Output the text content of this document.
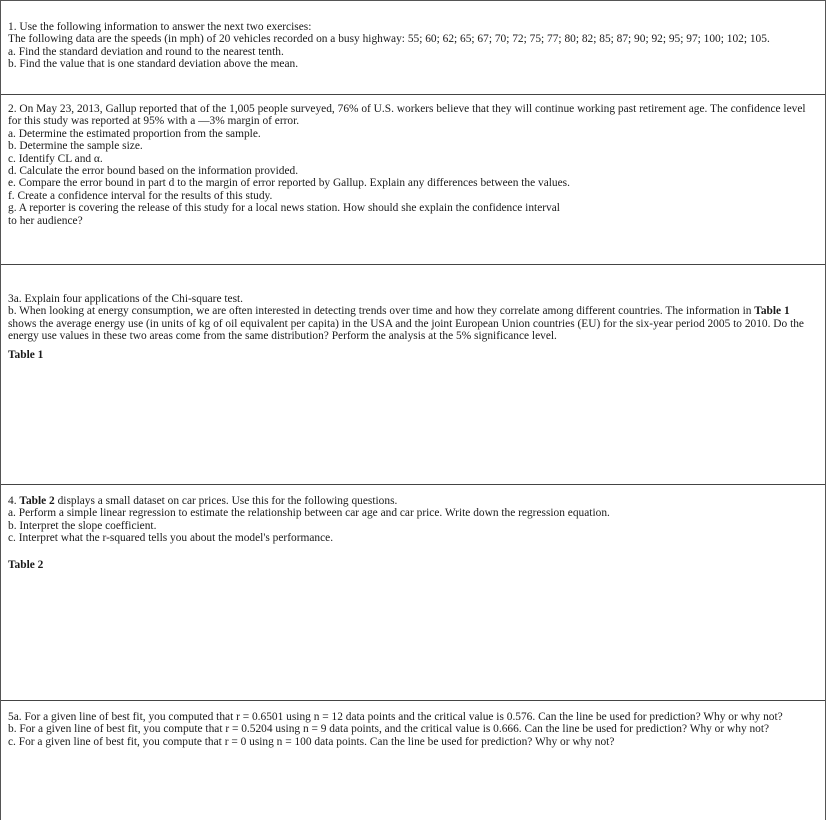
1. Use the following information to answer the next two exercises:
The following data are the speeds (in mph) of 20 vehicles recorded on a busy highway: 55; 60; 62; 65; 67; 70; 72; 75; 77; 80; 82; 85; 87; 90; 92; 95; 97; 100; 102; 105.
a. Find the standard deviation and round to the nearest tenth.
b. Find the value that is one standard deviation above the mean.
2. On May 23, 2013, Gallup reported that of the 1,005 people surveyed, 76% of U.S. workers believe that they will continue working past retirement age. The confidence level for this study was reported at 95% with a —3% margin of error.
a. Determine the estimated proportion from the sample.
b. Determine the sample size.
c. Identify CL and α.
d. Calculate the error bound based on the information provided.
e. Compare the error bound in part d to the margin of error reported by Gallup. Explain any differences between the values.
f. Create a confidence interval for the results of this study.
g. A reporter is covering the release of this study for a local news station. How should she explain the confidence interval to her audience?
3a. Explain four applications of the Chi-square test.
b. When looking at energy consumption, we are often interested in detecting trends over time and how they correlate among different countries. The information in Table 1 shows the average energy use (in units of kg of oil equivalent per capita) in the USA and the joint European Union countries (EU) for the six-year period 2005 to 2010. Do the energy use values in these two areas come from the same distribution? Perform the analysis at the 5% significance level.
Table 1
4. Table 2 displays a small dataset on car prices. Use this for the following questions.
a. Perform a simple linear regression to estimate the relationship between car age and car price. Write down the regression equation.
b. Interpret the slope coefficient.
c. Interpret what the r-squared tells you about the model's performance.
Table 2
5a. For a given line of best fit, you computed that r = 0.6501 using n = 12 data points and the critical value is 0.576. Can the line be used for prediction? Why or why not?
b. For a given line of best fit, you compute that r = 0.5204 using n = 9 data points, and the critical value is 0.666. Can the line be used for prediction? Why or why not?
c. For a given line of best fit, you compute that r = 0 using n = 100 data points. Can the line be used for prediction? Why or why not?
